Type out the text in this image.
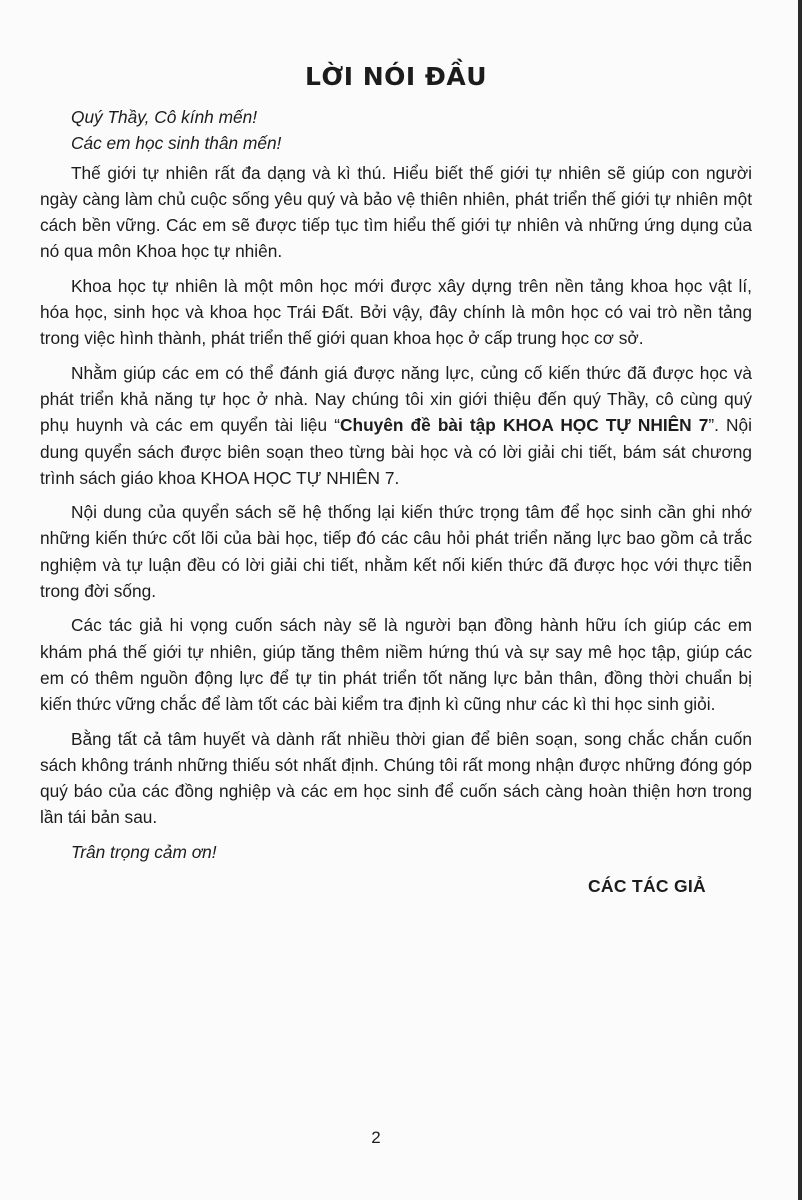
LỜI NÓI ĐẦU

Quý Thầy, Cô kính mến!

Các em học sinh thân mến!

Thế giới tự nhiên rất đa dạng và kì thú. Hiểu biết thế giới tự nhiên sẽ giúp con người ngày càng làm chủ cuộc sống yêu quý và bảo vệ thiên nhiên, phát triển thế giới tự nhiên một cách bền vững. Các em sẽ được tiếp tục tìm hiểu thế giới tự nhiên và những ứng dụng của nó qua môn Khoa học tự nhiên.

Khoa học tự nhiên là một môn học mới được xây dựng trên nền tảng khoa học vật lí, hóa học, sinh học và khoa học Trái Đất. Bởi vậy, đây chính là môn học có vai trò nền tảng trong việc hình thành, phát triển thế giới quan khoa học ở cấp trung học cơ sở.

Nhằm giúp các em có thể đánh giá được năng lực, củng cố kiến thức đã được học và phát triển khả năng tự học ở nhà. Nay chúng tôi xin giới thiệu đến quý Thầy, cô cùng quý phụ huynh và các em quyển tài liệu “Chuyên đề bài tập KHOA HỌC TỰ NHIÊN 7”. Nội dung quyển sách được biên soạn theo từng bài học và có lời giải chi tiết, bám sát chương trình sách giáo khoa KHOA HỌC TỰ NHIÊN 7.

Nội dung của quyển sách sẽ hệ thống lại kiến thức trọng tâm để học sinh cần ghi nhớ những kiến thức cốt lõi của bài học, tiếp đó các câu hỏi phát triển năng lực bao gồm cả trắc nghiệm và tự luận đều có lời giải chi tiết, nhằm kết nối kiến thức đã được học với thực tiễn trong đời sống.

Các tác giả hi vọng cuốn sách này sẽ là người bạn đồng hành hữu ích giúp các em khám phá thế giới tự nhiên, giúp tăng thêm niềm hứng thú và sự say mê học tập, giúp các em có thêm nguồn động lực để tự tin phát triển tốt năng lực bản thân, đồng thời chuẩn bị kiến thức vững chắc để làm tốt các bài kiểm tra định kì cũng như các kì thi học sinh giỏi.

Bằng tất cả tâm huyết và dành rất nhiều thời gian để biên soạn, song chắc chắn cuốn sách không tránh những thiếu sót nhất định. Chúng tôi rất mong nhận được những đóng góp quý báo của các đồng nghiệp và các em học sinh để cuốn sách càng hoàn thiện hơn trong lần tái bản sau.

Trân trọng cảm ơn!

CÁC TÁC GIẢ
2
